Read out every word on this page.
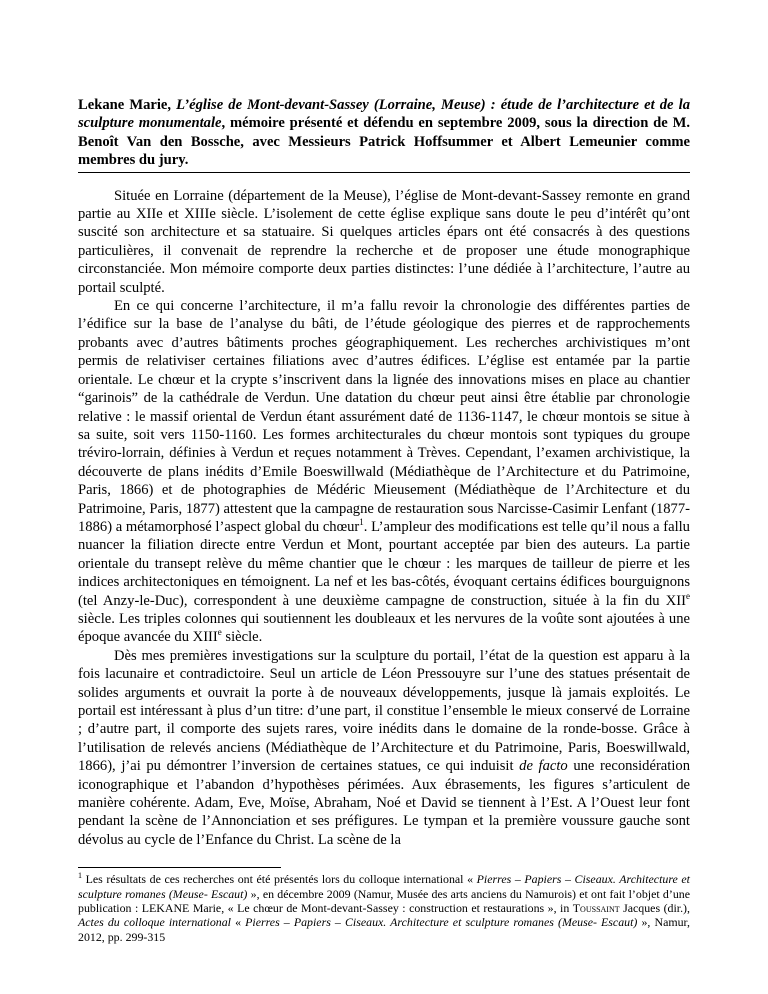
Lekane Marie, L’église de Mont-devant-Sassey (Lorraine, Meuse) : étude de l’architecture et de la sculpture monumentale, mémoire présenté et défendu en septembre 2009, sous la direction de M. Benoît Van den Bossche, avec Messieurs Patrick Hoffsummer et Albert Lemeunier comme membres du jury.

Située en Lorraine (département de la Meuse), l’église de Mont-devant-Sassey remonte en grand partie au XIIe et XIIIe siècle. L’isolement de cette église explique sans doute le peu d’intérêt qu’ont suscité son architecture et sa statuaire. Si quelques articles épars ont été consacrés à des questions particulières, il convenait de reprendre la recherche et de proposer une étude monographique circonstanciée. Mon mémoire comporte deux parties distinctes: l’une dédiée à l’architecture, l’autre au portail sculpté.

En ce qui concerne l’architecture, il m’a fallu revoir la chronologie des différentes parties de l’édifice sur la base de l’analyse du bâti, de l’étude géologique des pierres et de rapprochements probants avec d’autres bâtiments proches géographiquement. Les recherches archivistiques m’ont permis de relativiser certaines filiations avec d’autres édifices. L’église est entamée par la partie orientale. Le chœur et la crypte s’inscrivent dans la lignée des innovations mises en place au chantier “garinois” de la cathédrale de Verdun. Une datation du chœur peut ainsi être établie par chronologie relative : le massif oriental de Verdun étant assurément daté de 1136-1147, le chœur montois se situe à sa suite, soit vers 1150-1160. Les formes architecturales du chœur montois sont typiques du groupe tréviro-lorrain, définies à Verdun et reçues notamment à Trèves. Cependant, l’examen archivistique, la découverte de plans inédits d’Emile Boeswillwald (Médiathèque de l’Architecture et du Patrimoine, Paris, 1866) et de photographies de Médéric Mieusement (Médiathèque de l’Architecture et du Patrimoine, Paris, 1877) attestent que la campagne de restauration sous Narcisse-Casimir Lenfant (1877-1886) a métamorphosé l’aspect global du chœur$^1$. L’ampleur des modifications est telle qu’il nous a fallu nuancer la filiation directe entre Verdun et Mont, pourtant acceptée par bien des auteurs. La partie orientale du transept relève du même chantier que le chœur : les marques de tailleur de pierre et les indices architectoniques en témoignent. La nef et les bas-côtés, évoquant certains édifices bourguignons (tel Anzy-le-Duc), correspondent à une deuxième campagne de construction, située à la fin du XIIe siècle. Les triples colonnes qui soutiennent les doubleaux et les nervures de la voûte sont ajoutées à une époque avancée du XIIIe siècle.

Dès mes premières investigations sur la sculpture du portail, l’état de la question est apparu à la fois lacunaire et contradictoire. Seul un article de Léon Pressouyre sur l’une des statues présentait de solides arguments et ouvrait la porte à de nouveaux développements, jusque là jamais exploités. Le portail est intéressant à plus d’un titre: d’une part, il constitue l’ensemble le mieux conservé de Lorraine ; d’autre part, il comporte des sujets rares, voire inédits dans le domaine de la ronde-bosse. Grâce à l’utilisation de relevés anciens (Médiathèque de l’Architecture et du Patrimoine, Paris, Boeswillwald, 1866), j’ai pu démontrer l’inversion de certaines statues, ce qui induisit de facto une reconsidération iconographique et l’abandon d’hypothèses périmées. Aux ébrasements, les figures s’articulent de manière cohérente. Adam, Eve, Moïse, Abraham, Noé et David se tiennent à l’Est. A l’Ouest leur font pendant la scène de l’Annonciation et ses préfigures. Le tympan et la première voussure gauche sont dévolus au cycle de l’Enfance du Christ. La scène de la

$^1$ Les résultats de ces recherches ont été présentés lors du colloque international « Pierres – Papiers – Ciseaux. Architecture et sculpture romanes (Meuse- Escaut) », en décembre 2009 (Namur, Musée des arts anciens du Namurois) et ont fait l’objet d’une publication : LEKANE Marie, « Le chœur de Mont-devant-Sassey : construction et restaurations », in Toussaint Jacques (dir.), Actes du colloque international « Pierres – Papiers – Ciseaux. Architecture et sculpture romanes (Meuse- Escaut) », Namur, 2012, pp. 299-315
